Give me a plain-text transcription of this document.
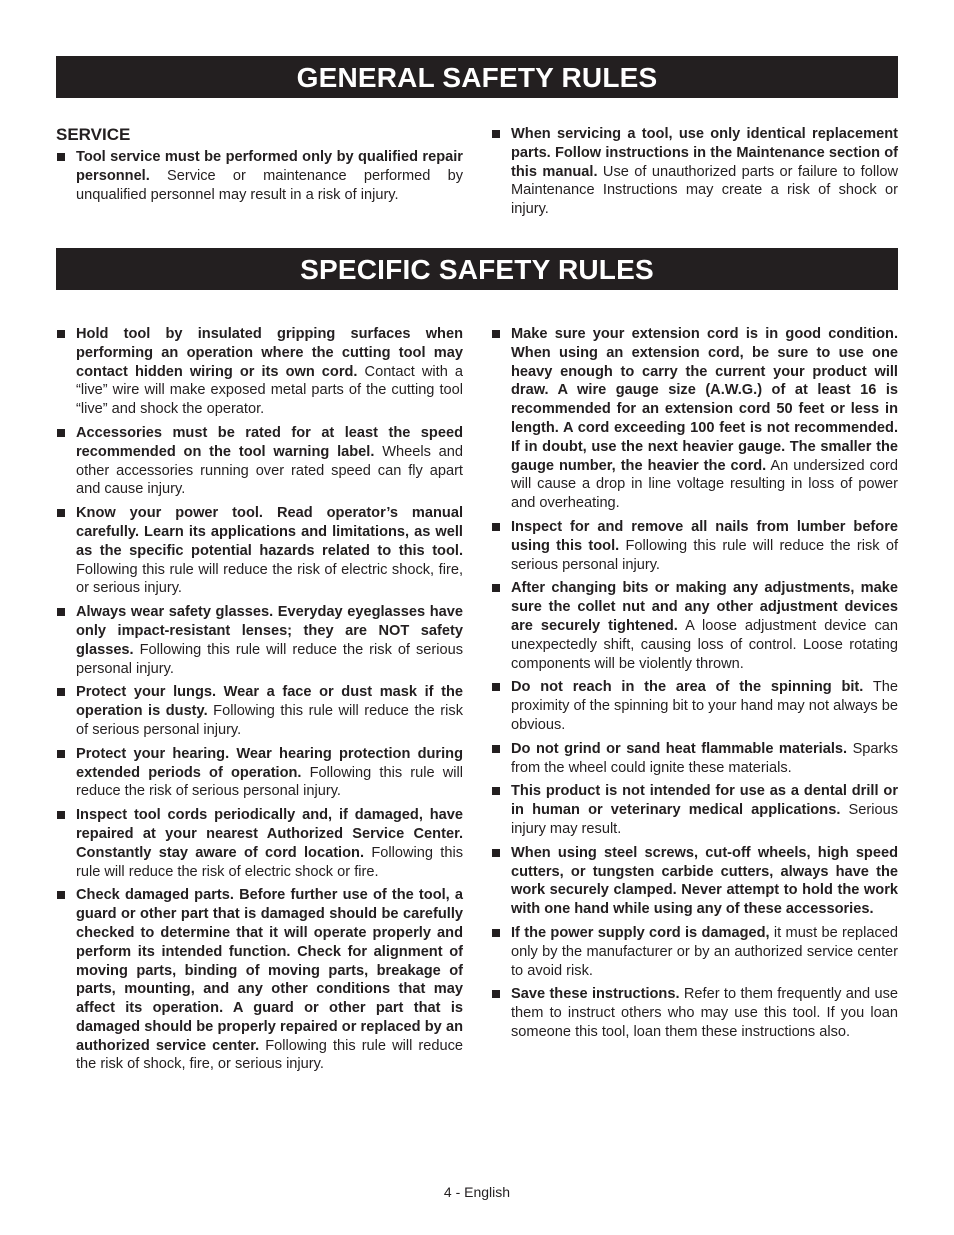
GENERAL SAFETY RULES
SERVICE
Tool service must be performed only by qualified repair personnel. Service or maintenance performed by unqualified personnel may result in a risk of injury.
When servicing a tool, use only identical replacement parts. Follow instructions in the Maintenance section of this manual. Use of unauthorized parts or failure to follow Maintenance Instructions may create a risk of shock or injury.
SPECIFIC SAFETY RULES
Hold tool by insulated gripping surfaces when performing an operation where the cutting tool may contact hidden wiring or its own cord. Contact with a “live” wire will make exposed metal parts of the cutting tool “live” and shock the operator.
Accessories must be rated for at least the speed recommended on the tool warning label. Wheels and other accessories running over rated speed can fly apart and cause injury.
Know your power tool. Read operator’s manual carefully. Learn its applications and limitations, as well as the specific potential hazards related to this tool. Following this rule will reduce the risk of electric shock, fire, or serious injury.
Always wear safety glasses. Everyday eyeglasses have only impact-resistant lenses; they are NOT safety glasses. Following this rule will reduce the risk of serious personal injury.
Protect your lungs. Wear a face or dust mask if the operation is dusty. Following this rule will reduce the risk of serious personal injury.
Protect your hearing. Wear hearing protection during extended periods of operation. Following this rule will reduce the risk of serious personal injury.
Inspect tool cords periodically and, if damaged, have repaired at your nearest Authorized Service Center. Constantly stay aware of cord location. Following this rule will reduce the risk of electric shock or fire.
Check damaged parts. Before further use of the tool, a guard or other part that is damaged should be carefully checked to determine that it will operate properly and perform its intended function. Check for alignment of moving parts, binding of moving parts, breakage of parts, mounting, and any other conditions that may affect its operation. A guard or other part that is damaged should be properly repaired or replaced by an authorized service center. Following this rule will reduce the risk of shock, fire, or serious injury.
Make sure your extension cord is in good condition. When using an extension cord, be sure to use one heavy enough to carry the current your product will draw. A wire gauge size (A.W.G.) of at least 16 is recommended for an extension cord 50 feet or less in length. A cord exceeding 100 feet is not recommended. If in doubt, use the next heavier gauge. The smaller the gauge number, the heavier the cord. An undersized cord will cause a drop in line voltage resulting in loss of power and overheating.
Inspect for and remove all nails from lumber before using this tool. Following this rule will reduce the risk of serious personal injury.
After changing bits or making any adjustments, make sure the collet nut and any other adjustment devices are securely tightened. A loose adjustment device can unexpectedly shift, causing loss of control. Loose rotating components will be violently thrown.
Do not reach in the area of the spinning bit. The proximity of the spinning bit to your hand may not always be obvious.
Do not grind or sand heat flammable materials. Sparks from the wheel could ignite these materials.
This product is not intended for use as a dental drill or in human or veterinary medical applications. Serious injury may result.
When using steel screws, cut-off wheels, high speed cutters, or tungsten carbide cutters, always have the work securely clamped. Never attempt to hold the work with one hand while using any of these accessories.
If the power supply cord is damaged, it must be replaced only by the manufacturer or by an authorized service center to avoid risk.
Save these instructions. Refer to them frequently and use them to instruct others who may use this tool. If you loan someone this tool, loan them these instructions also.
4 - English
